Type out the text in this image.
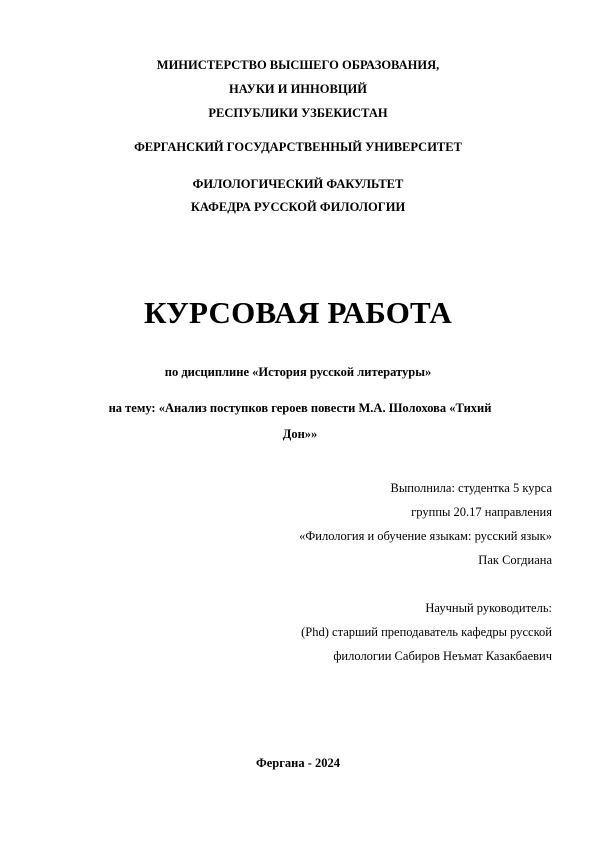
МИНИСТЕРСТВО ВЫСШЕГО ОБРАЗОВАНИЯ,
НАУКИ И ИННОВЦИЙ
РЕСПУБЛИКИ УЗБЕКИСТАН
ФЕРГАНСКИЙ ГОСУДАРСТВЕННЫЙ УНИВЕРСИТЕТ
ФИЛОЛОГИЧЕСКИЙ ФАКУЛЬТЕТ
КАФЕДРА РУССКОЙ ФИЛОЛОГИИ
КУРСОВАЯ РАБОТА
по дисциплине «История русской литературы»
на тему: «Анализ поступков героев повести М.А. Шолохова «Тихий
Дон»»
Выполнила: студентка 5 курса
группы 20.17 направления
«Филология и обучение языкам: русский язык»
Пак Согдиана
Научный руководитель:
(Phd) старший преподаватель кафедры русской
филологии Сабиров Неъмат Казакбаевич
Фергана - 2024
